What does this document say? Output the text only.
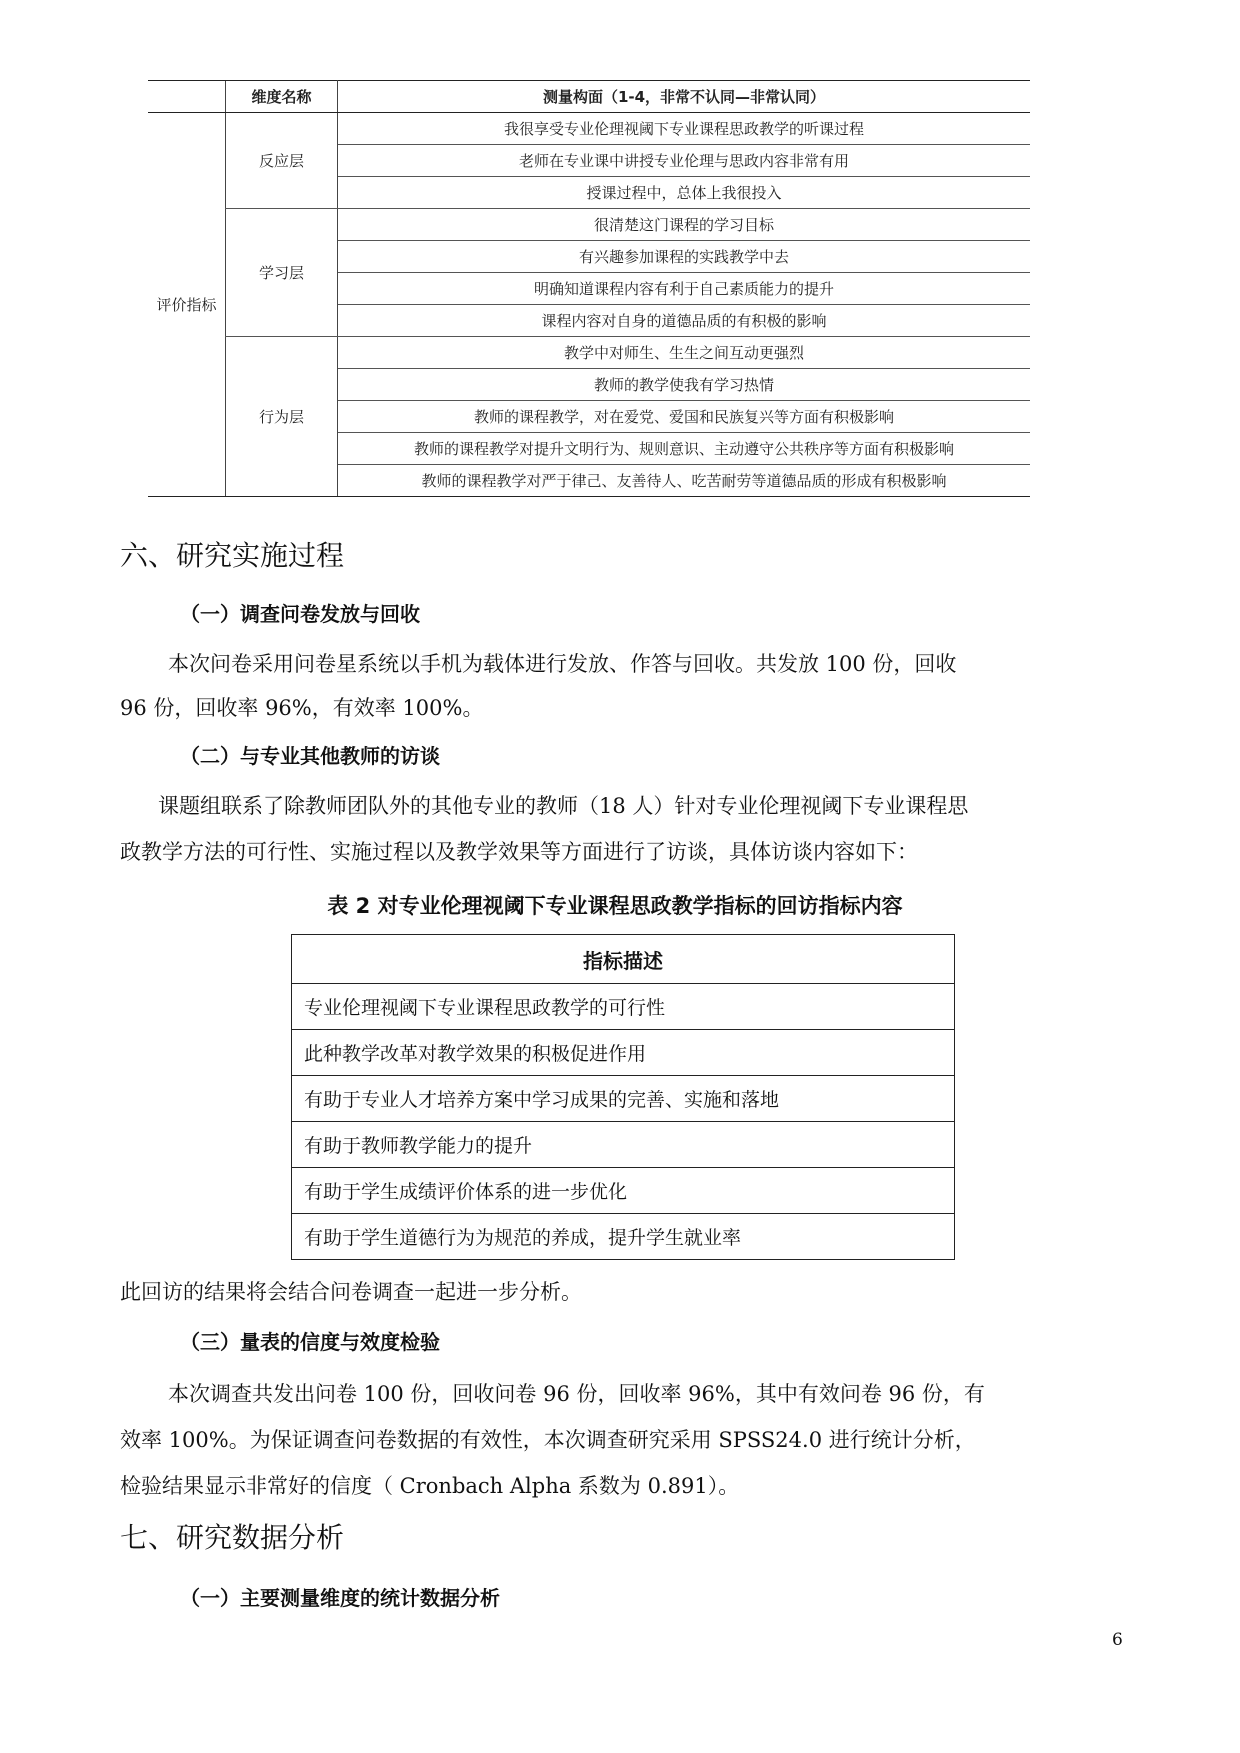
	维度名称	测量构面（1-4，非常不认同—非常认同）
评价指标	反应层	我很享受专业伦理视阈下专业课程思政教学的听课过程
		老师在专业课中讲授专业伦理与思政内容非常有用
		授课过程中，总体上我很投入
	学习层	很清楚这门课程的学习目标
		有兴趣参加课程的实践教学中去
		明确知道课程内容有利于自己素质能力的提升
		课程内容对自身的道德品质的有积极的影响
	行为层	教学中对师生、生生之间互动更强烈
		教师的教学使我有学习热情
		教师的课程教学，对在爱党、爱国和民族复兴等方面有积极影响
		教师的课程教学对提升文明行为、规则意识、主动遵守公共秩序等方面有积极影响
		教师的课程教学对严于律己、友善待人、吃苦耐劳等道德品质的形成有积极影响
六、研究实施过程
（一）调查问卷发放与回收
本次问卷采用问卷星系统以手机为载体进行发放、作答与回收。共发放 100 份，回收
96 份，回收率 96%，有效率 100%。
（二）与专业其他教师的访谈
课题组联系了除教师团队外的其他专业的教师（18 人）针对专业伦理视阈下专业课程思
政教学方法的可行性、实施过程以及教学效果等方面进行了访谈，具体访谈内容如下：
表 2 对专业伦理视阈下专业课程思政教学指标的回访指标内容
指标描述
专业伦理视阈下专业课程思政教学的可行性
此种教学改革对教学效果的积极促进作用
有助于专业人才培养方案中学习成果的完善、实施和落地
有助于教师教学能力的提升
有助于学生成绩评价体系的进一步优化
有助于学生道德行为为规范的养成，提升学生就业率
此回访的结果将会结合问卷调查一起进一步分析。
（三）量表的信度与效度检验
本次调查共发出问卷 100 份，回收问卷 96 份，回收率 96%，其中有效问卷 96 份，有
效率 100%。为保证调查问卷数据的有效性，本次调查研究采用 SPSS24.0 进行统计分析，
检验结果显示非常好的信度（ Cronbach Alpha 系数为 0.891）。
七、研究数据分析
（一）主要测量维度的统计数据分析
6
